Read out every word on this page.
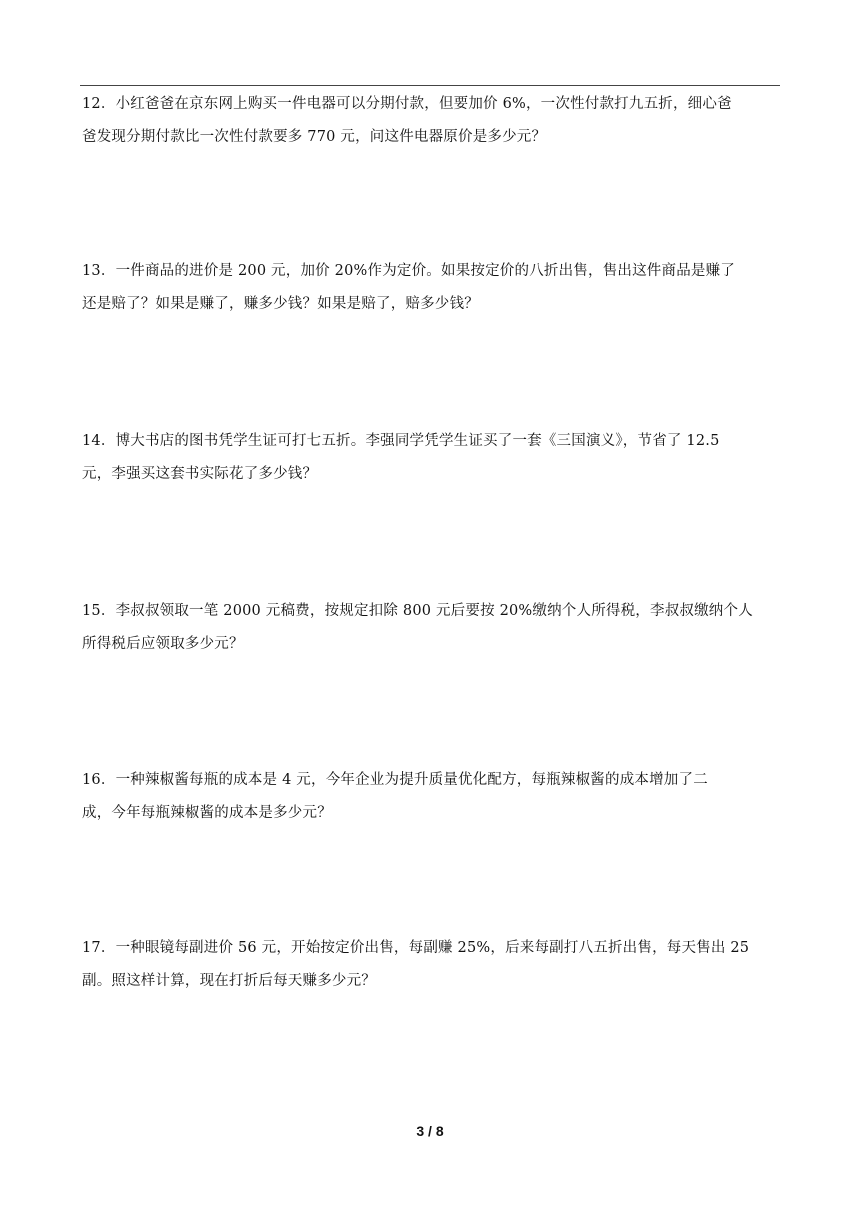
12．小红爸爸在京东网上购买一件电器可以分期付款，但要加价 6%，一次性付款打九五折，细心爸
爸发现分期付款比一次性付款要多 770 元，问这件电器原价是多少元？
13．一件商品的进价是 200 元，加价 20%作为定价。如果按定价的八折出售，售出这件商品是赚了
还是赔了？如果是赚了，赚多少钱？如果是赔了，赔多少钱？
14．博大书店的图书凭学生证可打七五折。李强同学凭学生证买了一套《三国演义》，节省了 12.5
元，李强买这套书实际花了多少钱？
15．李叔叔领取一笔 2000 元稿费，按规定扣除 800 元后要按 20%缴纳个人所得税，李叔叔缴纳个人
所得税后应领取多少元？
16．一种辣椒酱每瓶的成本是 4 元，今年企业为提升质量优化配方，每瓶辣椒酱的成本增加了二
成，今年每瓶辣椒酱的成本是多少元？
17．一种眼镜每副进价 56 元，开始按定价出售，每副赚 25%，后来每副打八五折出售，每天售出 25
副。照这样计算，现在打折后每天赚多少元？
3 / 8
